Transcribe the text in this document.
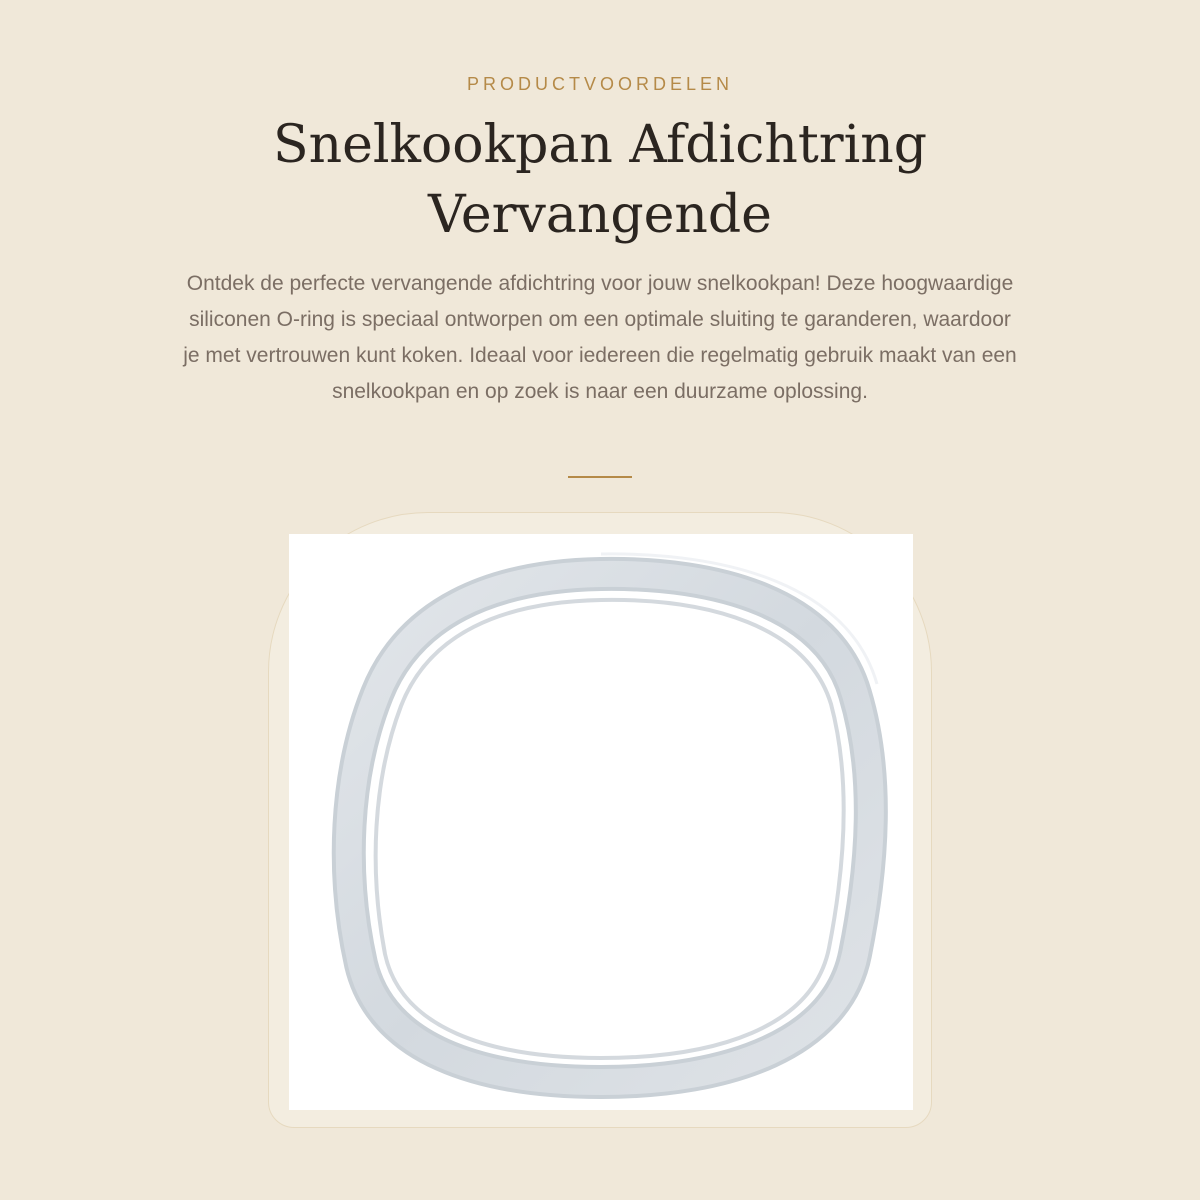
PRODUCTVOORDELEN
Snelkookpan Afdichtring Vervangende

Ontdek de perfecte vervangende afdichtring voor jouw snelkookpan! Deze hoogwaardige siliconen O-ring is speciaal ontworpen om een optimale sluiting te garanderen, waardoor je met vertrouwen kunt koken. Ideaal voor iedereen die regelmatig gebruik maakt van een snelkookpan en op zoek is naar een duurzame oplossing.
